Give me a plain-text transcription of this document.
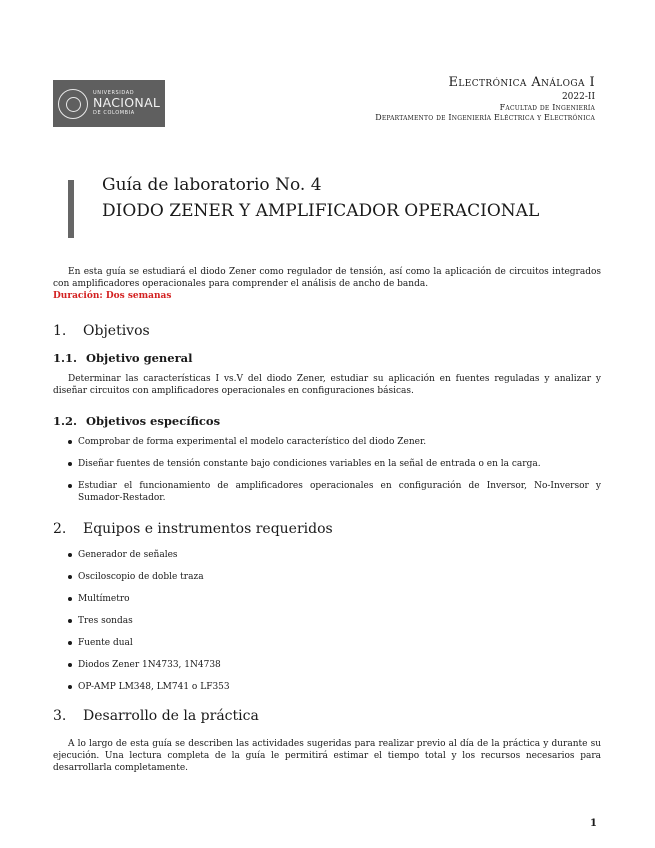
UNIVERSIDAD
NACIONAL
DE COLOMBIA
Electrónica Análoga I
2022-II
Facultad de Ingeniería
Departamento de Ingeniería Eléctrica y Electrónica
Guía de laboratorio No. 4
DIODO ZENER Y AMPLIFICADOR OPERACIONAL
En esta guía se estudiará el diodo Zener como regulador de tensión, así como la aplicación de circuitos integrados con amplificadores operacionales para comprender el análisis de ancho de banda.
Duración: Dos semanas
1. Objetivos
1.1. Objetivo general
Determinar las características I vs.V del diodo Zener, estudiar su aplicación en fuentes reguladas y analizar y diseñar circuitos con amplificadores operacionales en configuraciones básicas.
1.2. Objetivos específicos
Comprobar de forma experimental el modelo característico del diodo Zener.
Diseñar fuentes de tensión constante bajo condiciones variables en la señal de entrada o en la carga.
Estudiar el funcionamiento de amplificadores operacionales en configuración de Inversor, No-Inversor y Sumador-Restador.
2. Equipos e instrumentos requeridos
Generador de señales
Osciloscopio de doble traza
Multímetro
Tres sondas
Fuente dual
Diodos Zener 1N4733, 1N4738
OP-AMP LM348, LM741 o LF353
3. Desarrollo de la práctica
A lo largo de esta guía se describen las actividades sugeridas para realizar previo al día de la práctica y durante su ejecución. Una lectura completa de la guía le permitirá estimar el tiempo total y los recursos necesarios para desarrollarla completamente.
1
